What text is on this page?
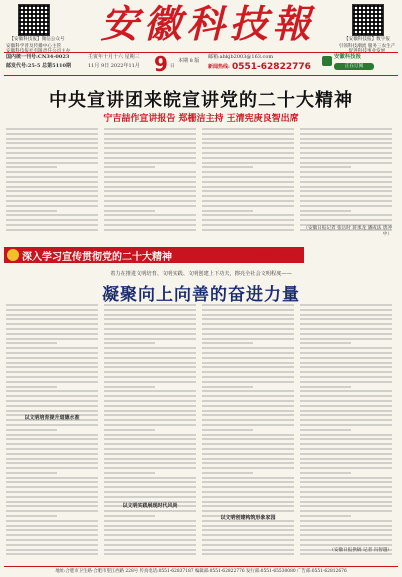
【安徽科技报】微信公众号
安徽科学普及传播中心主管
安徽科技报社有限责任公司主办
安徽科技報	【安徽科技报】数字报
引领科技潮流 服务三农生产
促进科技事业发展
国内统一刊号:CN34-0023
邮发代号:25-5 总第5110期
壬寅年十月十六 星期三
11月 9日 2022年11月 9 日
本期 8 版
邮箱:ahkjb2003@163.com
新闻热线: 0551-62822776
安徽科技报
正在订阅
中央宣讲团来皖宣讲党的二十大精神
宁吉喆作宣讲报告 郑栅洁主持 王清宪庚良智出席
（安徽日报记者 张岳时 蒋承龙 潘成法 唐冲中）
深入学习宣传贯彻党的二十大精神	·格局新的共进安徽
着力在推进文明培育、文明实践、文明创建上下功夫，擦亮全社会文明程度——
凝聚向上向善的奋进力量
以文明培育提升道德水准
以文明实践展现时代风尚
以文明创建构筑形象家园
（安徽日报供稿 记者 冯智越）
地址:合肥市卫生路·合肥市望江西路 228号 传真电话:0551-62837187 编辑部:0551-62822776 发行部:0551-65530080 广告部:0551-62812676
